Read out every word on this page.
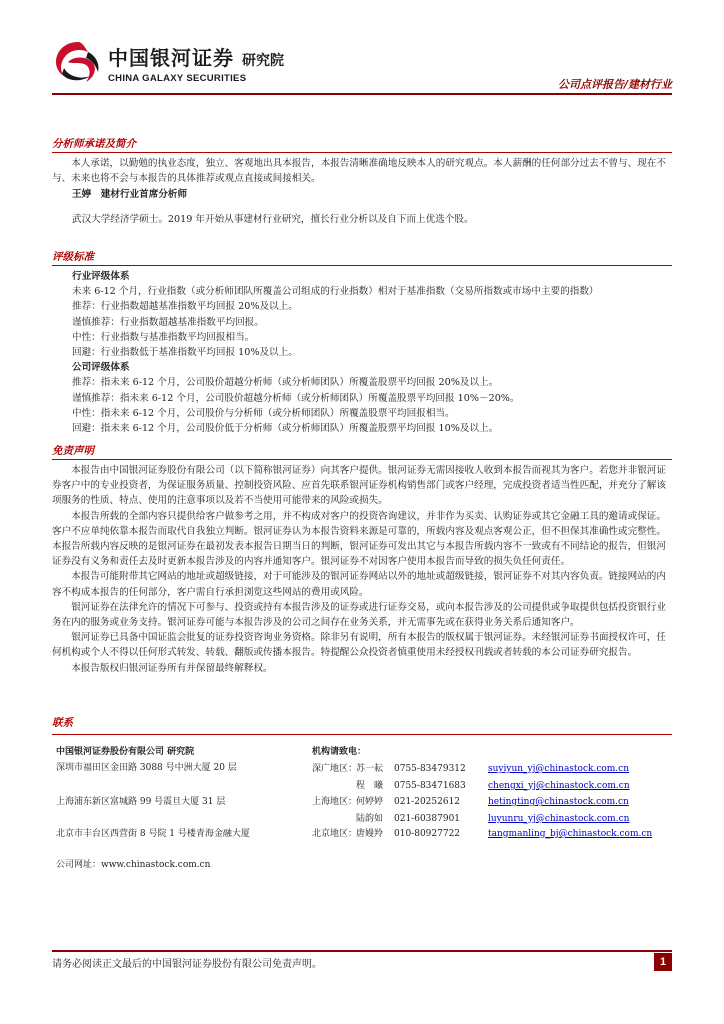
中国银河证券 研究院
CHINA GALAXY SECURITIES	公司点评报告/建材行业
分析师承诺及简介

本人承诺，以勤勉的执业态度，独立、客观地出具本报告，本报告清晰准确地反映本人的研究观点。本人薪酬的任何部分过去不曾与、现在不与、未来也将不会与本报告的具体推荐或观点直接或间接相关。

王婷　建材行业首席分析师

武汉大学经济学硕士。2019 年开始从事建材行业研究，擅长行业分析以及自下而上优选个股。

评级标准

行业评级体系

未来 6-12 个月，行业指数（或分析师团队所覆盖公司组成的行业指数）相对于基准指数（交易所指数或市场中主要的指数）

推荐：行业指数超越基准指数平均回报 20%及以上。

谨慎推荐：行业指数超越基准指数平均回报。

中性：行业指数与基准指数平均回报相当。

回避：行业指数低于基准指数平均回报 10%及以上。

公司评级体系

推荐：指未来 6-12 个月，公司股价超越分析师（或分析师团队）所覆盖股票平均回报 20%及以上。

谨慎推荐：指未来 6-12 个月，公司股价超越分析师（或分析师团队）所覆盖股票平均回报 10%－20%。

中性：指未来 6-12 个月，公司股价与分析师（或分析师团队）所覆盖股票平均回报相当。

回避：指未来 6-12 个月，公司股价低于分析师（或分析师团队）所覆盖股票平均回报 10%及以上。

免责声明

本报告由中国银河证券股份有限公司（以下简称银河证券）向其客户提供。银河证券无需因接收人收到本报告而视其为客户。若您并非银河证券客户中的专业投资者，为保证服务质量、控制投资风险、应首先联系银河证券机构销售部门或客户经理，完成投资者适当性匹配，并充分了解该项服务的性质、特点、使用的注意事项以及若不当使用可能带来的风险或损失。

本报告所载的全部内容只提供给客户做参考之用，并不构成对客户的投资咨询建议，并非作为买卖、认购证券或其它金融工具的邀请或保证。客户不应单纯依靠本报告而取代自我独立判断。银河证券认为本报告资料来源是可靠的，所载内容及观点客观公正，但不担保其准确性或完整性。本报告所载内容反映的是银河证券在最初发表本报告日期当日的判断，银河证券可发出其它与本报告所载内容不一致或有不同结论的报告，但银河证券没有义务和责任去及时更新本报告涉及的内容并通知客户。银河证券不对因客户使用本报告而导致的损失负任何责任。

本报告可能附带其它网站的地址或超级链接，对于可能涉及的银河证券网站以外的地址或超级链接，银河证券不对其内容负责。链接网站的内容不构成本报告的任何部分，客户需自行承担浏览这些网站的费用或风险。

银河证券在法律允许的情况下可参与、投资或持有本报告涉及的证券或进行证券交易，或向本报告涉及的公司提供或争取提供包括投资银行业务在内的服务或业务支持。银河证券可能与本报告涉及的公司之间存在业务关系，并无需事先或在获得业务关系后通知客户。

银河证券已具备中国证监会批复的证券投资咨询业务资格。除非另有说明，所有本报告的版权属于银河证券。未经银河证券书面授权许可，任何机构或个人不得以任何形式转发、转载、翻版或传播本报告。特提醒公众投资者慎重使用未经授权刊载或者转载的本公司证券研究报告。

本报告版权归银河证券所有并保留最终解释权。

联系
中国银河证券股份有限公司 研究院
深圳市福田区金田路 3088 号中洲大厦 20 层
上海浦东新区富城路 99 号震旦大厦 31 层
北京市丰台区西营街 8 号院 1 号楼青海金融大厦
公司网址：www.chinastock.com.cn
机构请致电：
深广地区：苏一耘 0755-83479312 suyiyun_yj@chinastock.com.cn
程　曦 0755-83471683 chengxi_yj@chinastock.com.cn
上海地区：何婷婷 021-20252612	hetingting@chinastock.com.cn
陆韵如 021-60387901	luyunru_yj@chinastock.com.cn
北京地区：唐嫚羚 010-80927722	tangmanling_bj@chinastock.com.cn
请务必阅读正文最后的中国银河证券股份有限公司免责声明。	1
